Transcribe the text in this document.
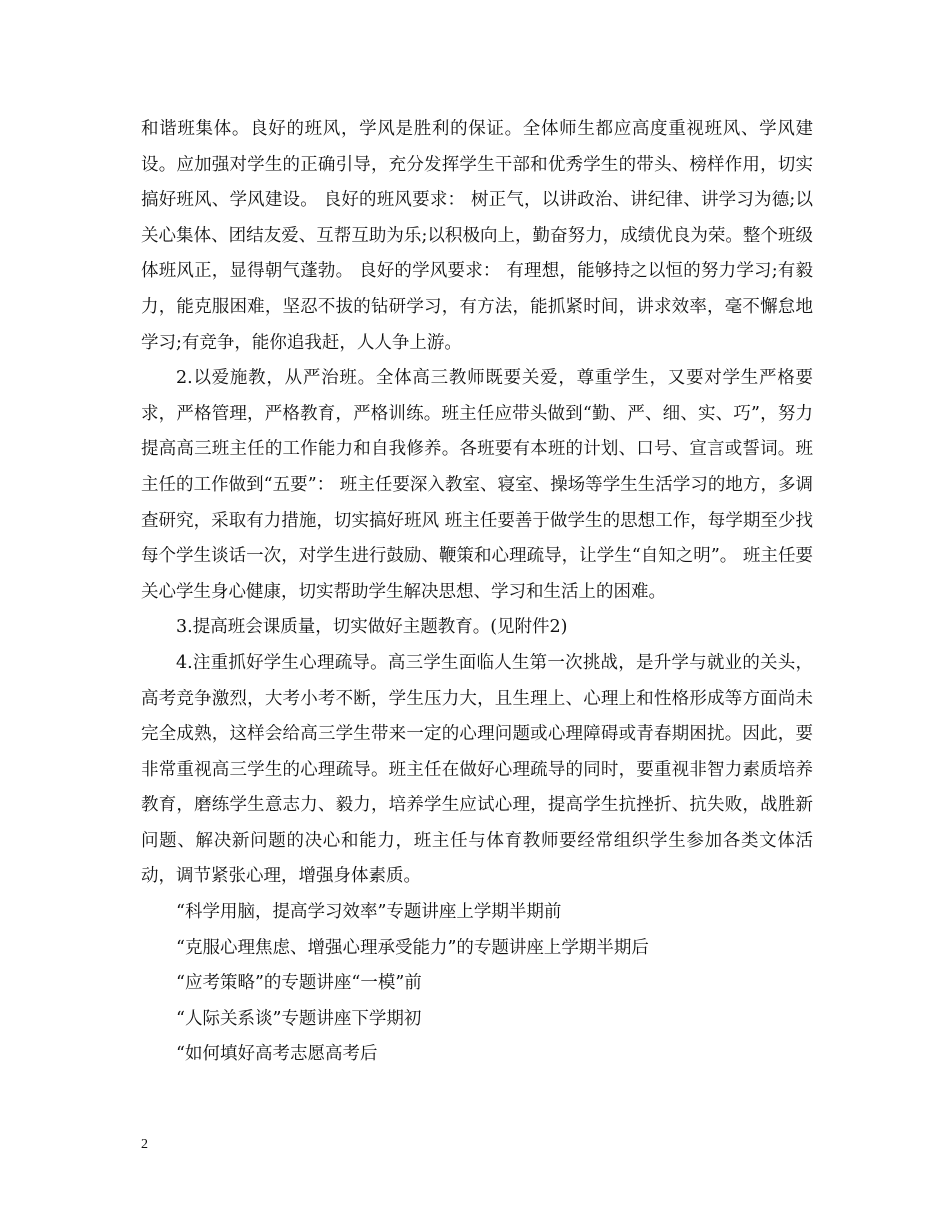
和谐班集体。良好的班风，学风是胜利的保证。全体师生都应高度重视班风、学风建设。应加强对学生的正确引导，充分发挥学生干部和优秀学生的带头、榜样作用，切实搞好班风、学风建设。 良好的班风要求： 树正气，以讲政治、讲纪律、讲学习为德;以关心集体、团结友爱、互帮互助为乐;以积极向上，勤奋努力，成绩优良为荣。整个班级体班风正，显得朝气蓬勃。 良好的学风要求： 有理想，能够持之以恒的努力学习;有毅力，能克服困难，坚忍不拔的钻研学习，有方法，能抓紧时间，讲求效率，毫不懈怠地学习;有竞争，能你追我赶，人人争上游。

2.以爱施教，从严治班。全体高三教师既要关爱，尊重学生，又要对学生严格要求，严格管理，严格教育，严格训练。班主任应带头做到“勤、严、细、实、巧”，努力提高高三班主任的工作能力和自我修养。各班要有本班的计划、口号、宣言或誓词。班主任的工作做到“五要”： 班主任要深入教室、寝室、操场等学生生活学习的地方，多调查研究，采取有力措施，切实搞好班风 班主任要善于做学生的思想工作，每学期至少找每个学生谈话一次，对学生进行鼓励、鞭策和心理疏导，让学生“自知之明”。 班主任要关心学生身心健康，切实帮助学生解决思想、学习和生活上的困难。

3.提高班会课质量，切实做好主题教育。(见附件2)

4.注重抓好学生心理疏导。高三学生面临人生第一次挑战，是升学与就业的关头，高考竞争激烈，大考小考不断，学生压力大，且生理上、心理上和性格形成等方面尚未完全成熟，这样会给高三学生带来一定的心理问题或心理障碍或青春期困扰。因此，要非常重视高三学生的心理疏导。班主任在做好心理疏导的同时，要重视非智力素质培养教育，磨练学生意志力、毅力，培养学生应试心理，提高学生抗挫折、抗失败，战胜新问题、解决新问题的决心和能力，班主任与体育教师要经常组织学生参加各类文体活动，调节紧张心理，增强身体素质。

“科学用脑，提高学习效率”专题讲座上学期半期前

“克服心理焦虑、增强心理承受能力”的专题讲座上学期半期后

“应考策略”的专题讲座“一模”前

“人际关系谈”专题讲座下学期初

“如何填好高考志愿高考后

2
